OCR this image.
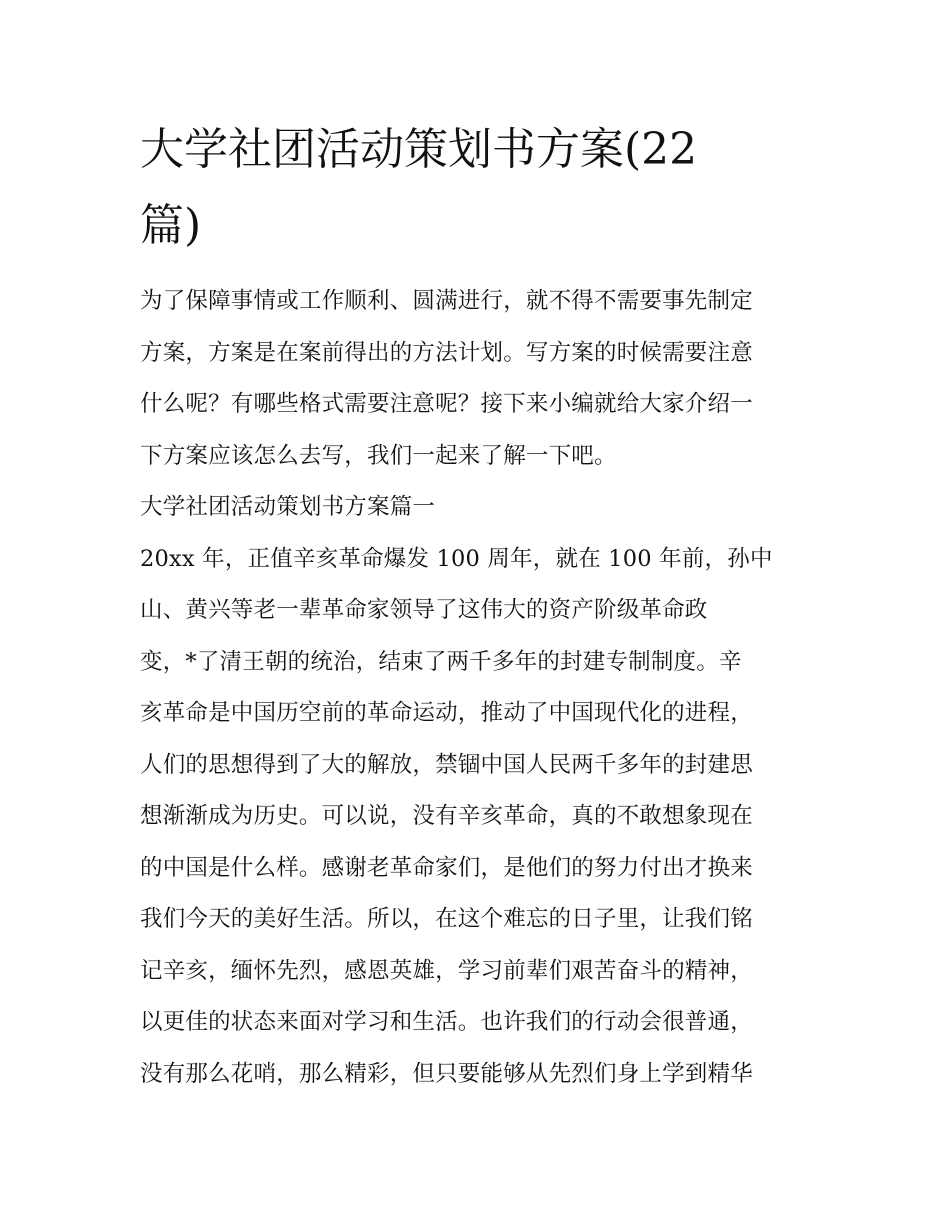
大学社团活动策划书方案(22
篇)
为了保障事情或工作顺利、圆满进行，就不得不需要事先制定
方案，方案是在案前得出的方法计划。写方案的时候需要注意
什么呢？有哪些格式需要注意呢？接下来小编就给大家介绍一
下方案应该怎么去写，我们一起来了解一下吧。
大学社团活动策划书方案篇一
20xx 年，正值辛亥革命爆发 100 周年，就在 100 年前，孙中
山、黄兴等老一辈革命家领导了这伟大的资产阶级革命政
变，*了清王朝的统治，结束了两千多年的封建专制制度。辛
亥革命是中国历空前的革命运动，推动了中国现代化的进程，
人们的思想得到了大的解放，禁锢中国人民两千多年的封建思
想渐渐成为历史。可以说，没有辛亥革命，真的不敢想象现在
的中国是什么样。感谢老革命家们，是他们的努力付出才换来
我们今天的美好生活。所以，在这个难忘的日子里，让我们铭
记辛亥，缅怀先烈，感恩英雄，学习前辈们艰苦奋斗的精神，
以更佳的状态来面对学习和生活。也许我们的行动会很普通，
没有那么花哨，那么精彩，但只要能够从先烈们身上学到精华
